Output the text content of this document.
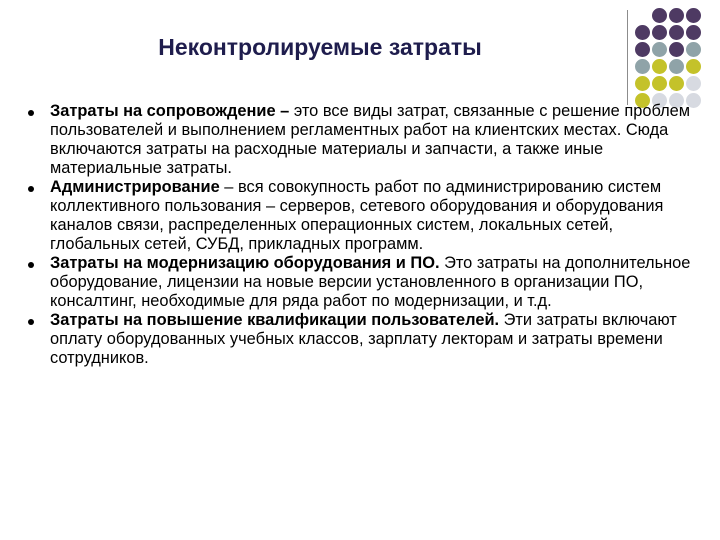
Неконтролируемые затраты
Затраты на сопровождение – это все виды затрат, связанные с решение проблем пользователей и выполнением регламентных работ на клиентских местах. Сюда включаются затраты на расходные материалы и запчасти, а также иные материальные затраты.
Администрирование – вся совокупность работ по администрированию систем коллективного пользования – серверов, сетевого оборудования и оборудования каналов связи, распределенных операционных систем, локальных сетей, глобальных сетей, СУБД, прикладных программ.
Затраты на модернизацию оборудования и ПО. Это затраты на дополнительное оборудование, лицензии на новые версии установленного в организации ПО, консалтинг, необходимые для ряда работ по модернизации, и т.д.
Затраты на повышение квалификации пользователей. Эти затраты включают оплату оборудованных учебных классов, зарплату лекторам и затраты времени сотрудников.
